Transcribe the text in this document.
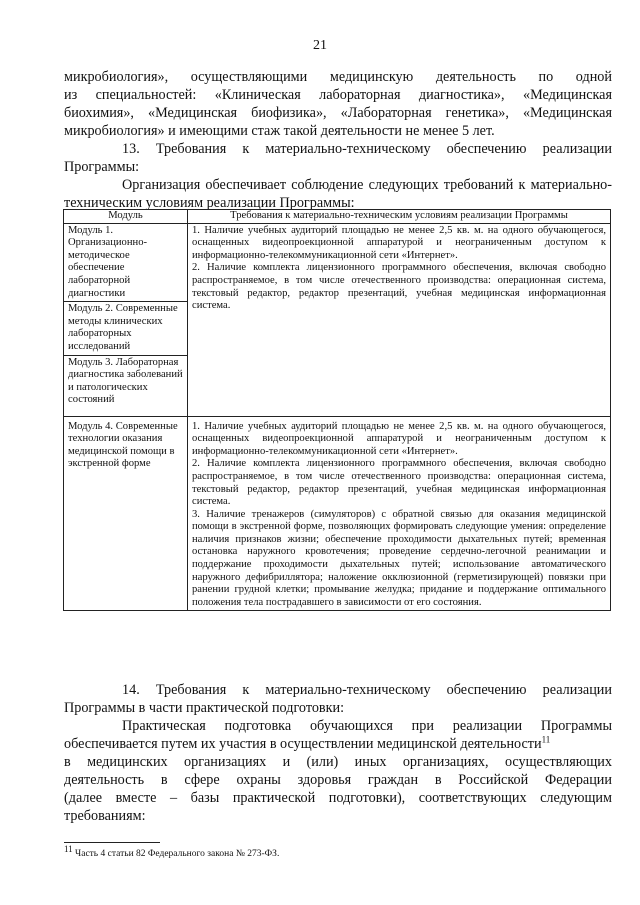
21

микробиология», осуществляющими медицинскую деятельность по одной

из специальностей: «Клиническая лабораторная диагностика», «Медицинская

биохимия», «Медицинская биофизика», «Лабораторная генетика», «Медицинская

микробиология» и имеющими стаж такой деятельности не менее 5 лет.

13. Требования к материально-техническому обеспечению реализации

Программы:

Организация обеспечивает соблюдение следующих требований к материально-

техническим условиям реализации Программы:

Модуль	Требования к материально-техническим условиям реализации Программы
Модуль 1. Организационно-методическое обеспечение лабораторной диагностики	1. Наличие учебных аудиторий площадью не менее 2,5 кв. м. на одного обучающегося, оснащенных видеопроекционной аппаратурой и неограниченным доступом к информационно-телекоммуникационной сети «Интернет».
2. Наличие комплекта лицензионного программного обеспечения, включая свободно распространяемое, в том числе отечественного производства: операционная система, текстовый редактор, редактор презентаций, учебная медицинская информационная система.

Модуль 2. Современные методы клинических лабораторных исследований	
Модуль 3. Лабораторная диагностика заболеваний и патологических состояний	
Модуль 4. Современные технологии оказания медицинской помощи в экстренной форме	1. Наличие учебных аудиторий площадью не менее 2,5 кв. м. на одного обучающегося, оснащенных видеопроекционной аппаратурой и неограниченным доступом к информационно-телекоммуникационной сети «Интернет».
2. Наличие комплекта лицензионного программного обеспечения, включая свободно распространяемое, в том числе отечественного производства: операционная система, текстовый редактор, редактор презентаций, учебная медицинская информационная система.
3. Наличие тренажеров (симуляторов) с обратной связью для оказания медицинской помощи в экстренной форме, позволяющих формировать следующие умения: определение наличия признаков жизни; обеспечение проходимости дыхательных путей; временная остановка наружного кровотечения; проведение сердечно-легочной реанимации и поддержание проходимости дыхательных путей; использование автоматического наружного дефибриллятора; наложение окклюзионной (герметизирующей) повязки при ранении грудной клетки; промывание желудка; придание и поддержание оптимального положения тела пострадавшего в зависимости от его состояния.

14. Требования к материально-техническому обеспечению реализации

Программы в части практической подготовки:

Практическая подготовка обучающихся при реализации Программы

обеспечивается путем их участия в осуществлении медицинской деятельности$^{11}$

в медицинских организациях и (или) иных организациях, осуществляющих

деятельность в сфере охраны здоровья граждан в Российской Федерации

(далее вместе – базы практической подготовки), соответствующих следующим

требованиям:

$^{11}$ Часть 4 статьи 82 Федерального закона № 273-ФЗ.
